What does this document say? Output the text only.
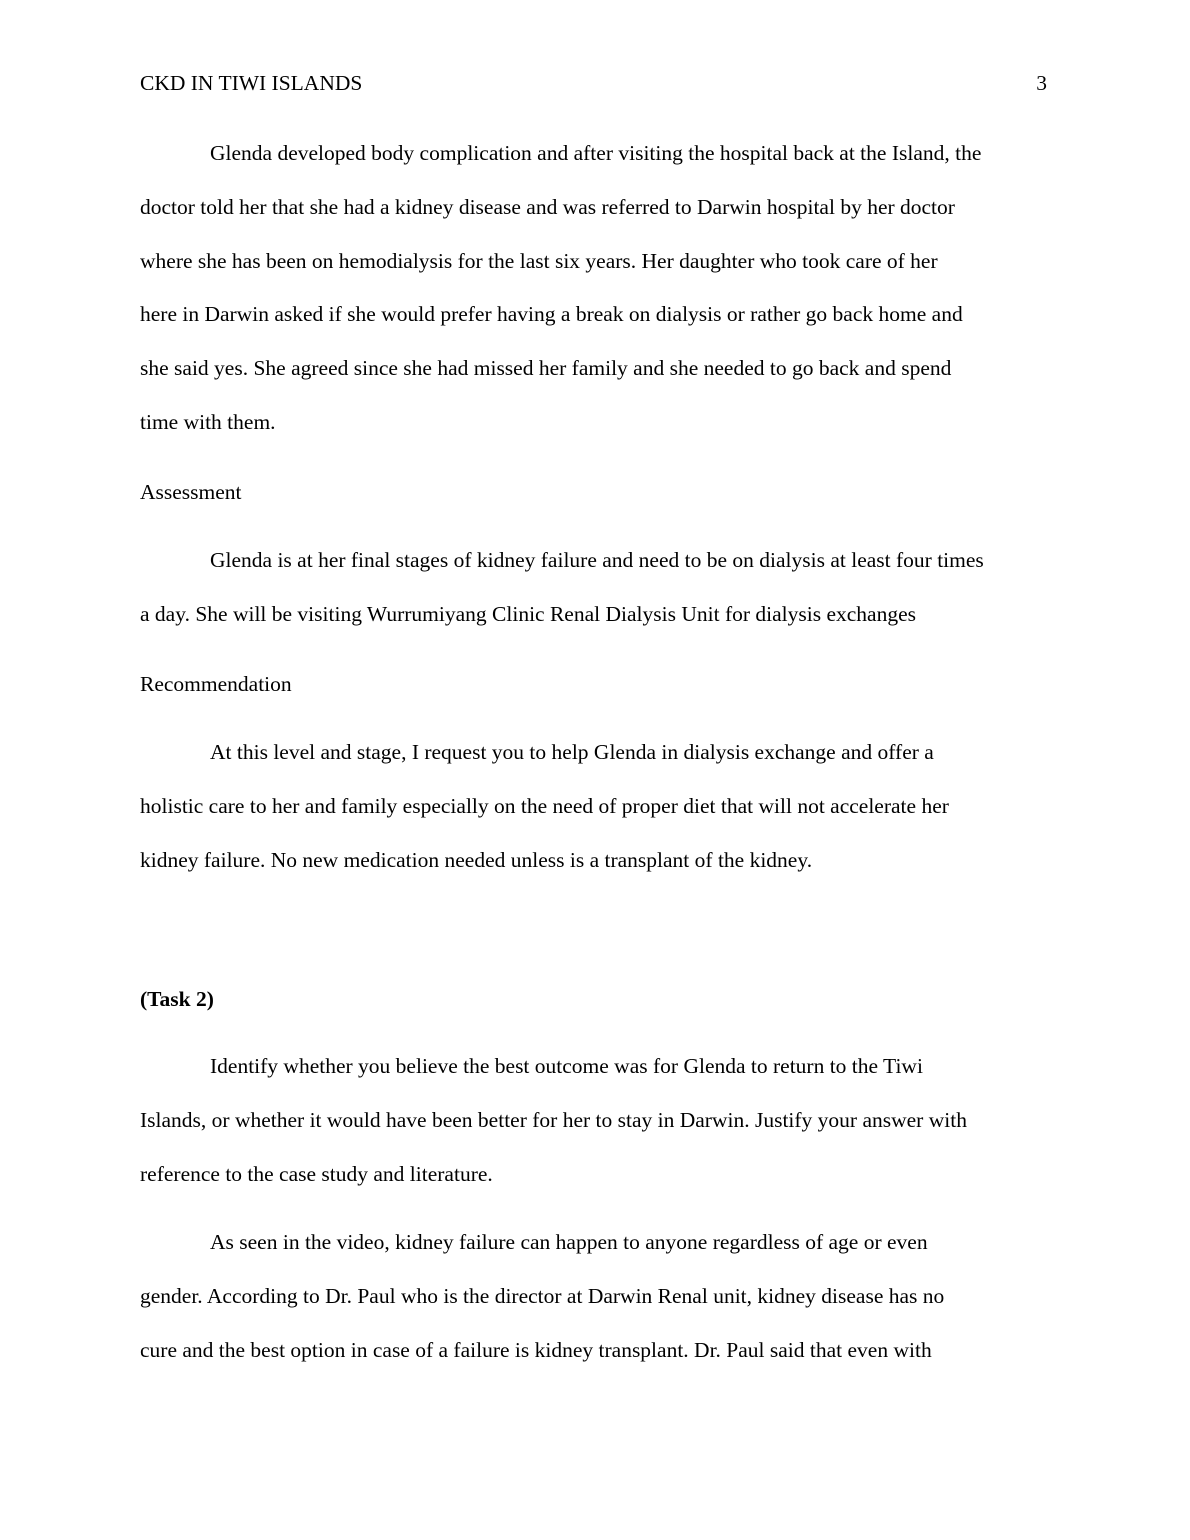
CKD IN TIWI ISLANDS	3

Glenda developed body complication and after visiting the hospital back at the Island, the
doctor told her that she had a kidney disease and was referred to Darwin hospital by her doctor
where she has been on hemodialysis for the last six years. Her daughter who took care of her
here in Darwin asked if she would prefer having a break on dialysis or rather go back home and
she said yes. She agreed since she had missed her family and she needed to go back and spend
time with them.

Assessment

Glenda is at her final stages of kidney failure and need to be on dialysis at least four times
a day. She will be visiting Wurrumiyang Clinic Renal Dialysis Unit for dialysis exchanges

Recommendation

At this level and stage, I request you to help Glenda in dialysis exchange and offer a
holistic care to her and family especially on the need of proper diet that will not accelerate her
kidney failure. No new medication needed unless is a transplant of the kidney.

(Task 2)

Identify whether you believe the best outcome was for Glenda to return to the Tiwi
Islands, or whether it would have been better for her to stay in Darwin. Justify your answer with
reference to the case study and literature.

As seen in the video, kidney failure can happen to anyone regardless of age or even
gender. According to Dr. Paul who is the director at Darwin Renal unit, kidney disease has no
cure and the best option in case of a failure is kidney transplant. Dr. Paul said that even with
